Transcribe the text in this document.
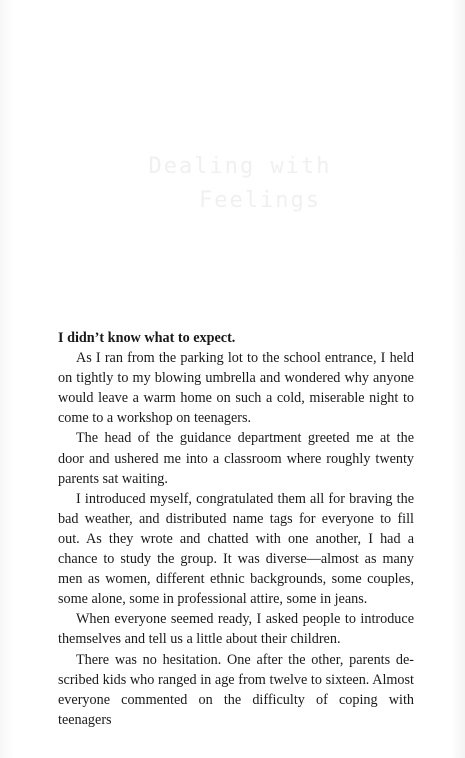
Dealing with
Feelings

I didn’t know what to expect.

As I ran from the parking lot to the school entrance, I held on tightly to my blowing umbrella and wondered why anyone would leave a warm home on such a cold, miserable night to come to a workshop on teenagers.

The head of the guidance department greeted me at the door and ushered me into a classroom where roughly twenty parents sat waiting.

I introduced myself, congratulated them all for braving the bad weather, and distributed name tags for everyone to fill out. As they wrote and chatted with one another, I had a chance to study the group. It was diverse—almost as many men as women, different ethnic backgrounds, some couples, some alone, some in professional attire, some in jeans.

When everyone seemed ready, I asked people to introduce themselves and tell us a little about their children.

There was no hesitation. One after the other, parents described kids who ranged in age from twelve to sixteen. Almost everyone commented on the difficulty of coping with teenagers
